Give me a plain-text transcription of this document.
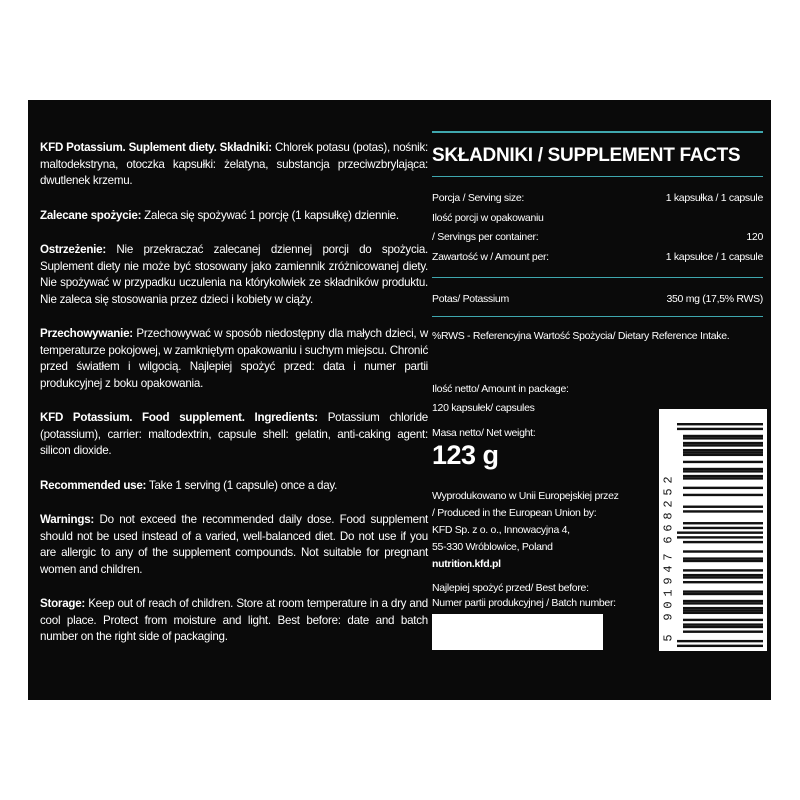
KFD Potassium. Suplement diety. Składniki: Chlorek potasu (potas), nośnik: maltodekstryna, otoczka kapsułki: żelatyna, substancja przeciwzbrylająca: dwutlenek krzemu.

Zalecane spożycie: Zaleca się spożywać 1 porcję (1 kapsułkę) dziennie.

Ostrzeżenie: Nie przekraczać zalecanej dziennej porcji do spożycia. Suplement diety nie może być stosowany jako zamiennik zróżnicowanej diety. Nie spożywać w przypadku uczulenia na którykolwiek ze składników produktu. Nie zaleca się stosowania przez dzieci i kobiety w ciąży.

Przechowywanie: Przechowywać w sposób niedostępny dla małych dzieci, w temperaturze pokojowej, w zamkniętym opakowaniu i suchym miejscu. Chronić przed światłem i wilgocią. Najlepiej spożyć przed: data i numer partii produkcyjnej z boku opakowania.

KFD Potassium. Food supplement. Ingredients: Potassium chloride (potassium), carrier: maltodextrin, capsule shell: gelatin, anti-caking agent: silicon dioxide.

Recommended use: Take 1 serving (1 capsule) once a day.

Warnings: Do not exceed the recommended daily dose. Food supplement should not be used instead of a varied, well-balanced diet. Do not use if you are allergic to any of the supplement compounds. Not suitable for pregnant women and children.

Storage: Keep out of reach of children. Store at room temperature in a dry and cool place. Protect from moisture and light. Best before: date and batch number on the right side of packaging.

SKŁADNIKI / SUPPLEMENT FACTS
Porcja / Serving size:	1 kapsułka / 1 capsule
Ilość porcji w opakowaniu
/ Servings per container:	120
Zawartość w / Amount per:	1 kapsułce / 1 capsule
Potas/ Potassium	350 mg (17,5% RWS)
%RWS - Referencyjna Wartość Spożycia/ Dietary Reference Intake.
Ilość netto/ Amount in package:
120 kapsułek/ capsules
Masa netto/ Net weight:
123 g
Wyprodukowano w Unii Europejskiej przez
/ Produced in the European Union by:
KFD Sp. z o. o., Innowacyjna 4,
55-330 Wróblowice, Poland
nutrition.kfd.pl
Najlepiej spożyć przed/ Best before:
Numer partii produkcyjnej / Batch number:
5
9
0
1
9
4
7
6
6
8
2
5
2
